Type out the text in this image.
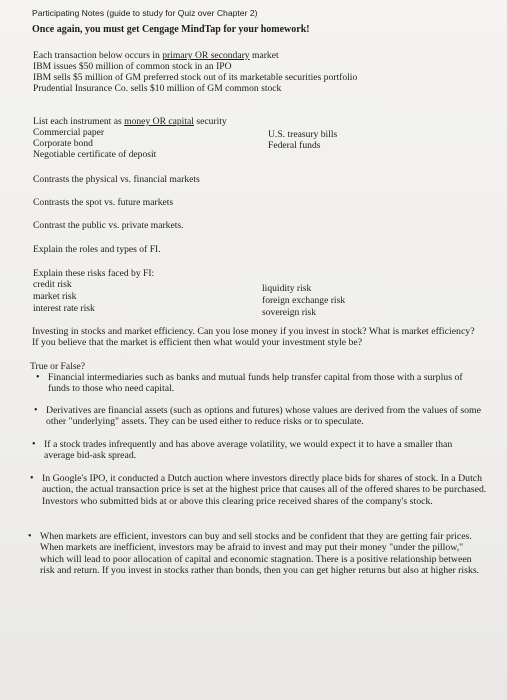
Participating Notes (guide to study for Quiz over Chapter 2)
Once again, you must get Cengage MindTap for your homework!
Each transaction below occurs in primary OR secondary market
IBM issues $50 million of common stock in an IPO
IBM sells $5 million of GM preferred stock out of its marketable securities portfolio
Prudential Insurance Co. sells $10 million of GM common stock
List each instrument as money OR capital security
Commercial paper
Corporate bond
Negotiable certificate of deposit
U.S. treasury bills
Federal funds
Contrasts the physical vs. financial markets
Contrasts the spot vs. future markets
Contrast the public vs. private markets.
Explain the roles and types of FI.
Explain these risks faced by FI:
credit risk
market risk
interest rate risk
liquidity risk
foreign exchange risk
sovereign risk
Investing in stocks and market efficiency. Can you lose money if you invest in stock? What is market efficiency? If you believe that the market is efficient then what would your investment style be?
True or False?
• Financial intermediaries such as banks and mutual funds help transfer capital from those with a surplus of funds to those who need capital.
• Derivatives are financial assets (such as options and futures) whose values are derived from the values of some other "underlying" assets. They can be used either to reduce risks or to speculate.
• If a stock trades infrequently and has above average volatility, we would expect it to have a smaller than average bid-ask spread.
• In Google's IPO, it conducted a Dutch auction where investors directly place bids for shares of stock. In a Dutch auction, the actual transaction price is set at the highest price that causes all of the offered shares to be purchased. Investors who submitted bids at or above this clearing price received shares of the company's stock.
• When markets are efficient, investors can buy and sell stocks and be confident that they are getting fair prices. When markets are inefficient, investors may be afraid to invest and may put their money "under the pillow," which will lead to poor allocation of capital and economic stagnation. There is a positive relationship between risk and return. If you invest in stocks rather than bonds, then you can get higher returns but also at higher risks.
